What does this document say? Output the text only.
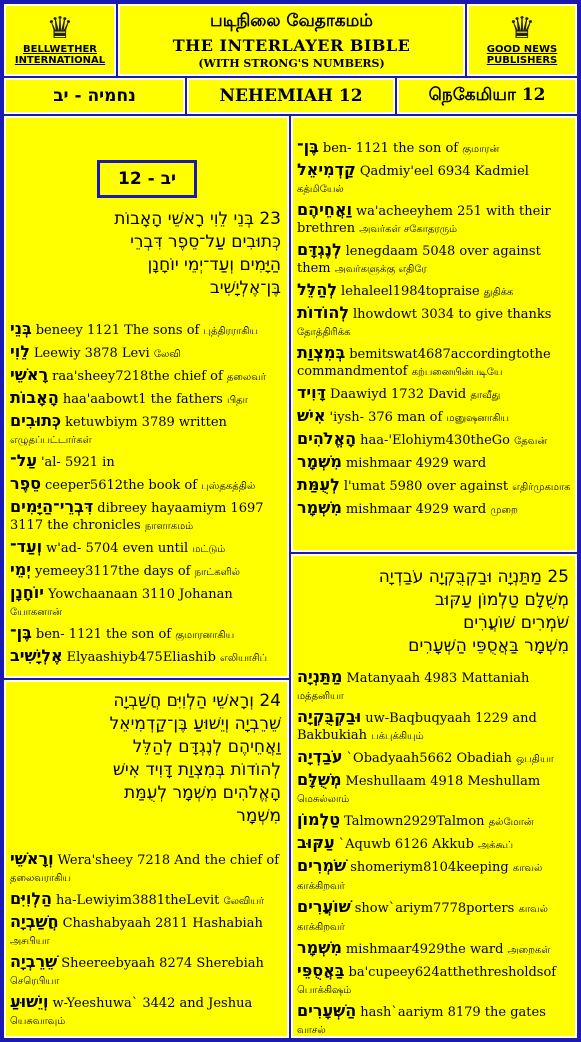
♛
BELLWETHER INTERNATIONAL
படிநிலை வேதாகமம்
THE INTERLAYER BIBLE
(WITH STRONG'S NUMBERS)
♛
GOOD NEWS PUBLISHERS
נחמיה - יב	NEHEMIAH 12	நெகேமியா 12
23 בְּנֵי לֵוִי רָאשֵׁי הָאָבוֹת
כְּתוּבִים עַל־סֵפֶר דִּבְרֵי
הַיָּמִים וְעַד־יְמֵי יוֹחָנָן
בֶּן־אֶלְיָשִׁיב
בְּנֵי beneey 1121 The sons of புத்திரராகிய
לֵוִי Leewiy 3878 Levi லேவி
רָאשֵׁי raa'sheey7218the chief of தலைவர்
הָאָבוֹת haa'aabowt1 the fathers பிதா
כְּתוּבִים ketuwbiym 3789 written எழுதப்பட்டார்கள்
עַל־ 'al- 5921 in
סֵפֶר ceeper5612the book of புஸ்தகத்தில்
דִּבְרֵי־הַיָּמִים dibreey hayaamiym 1697 3117 the chronicles நாளாகமம்
וְעַד־ w'ad- 5704 even until மட்டும்
יְמֵי yemeey3117the days of நாட்களில்
יוֹחָנָן Yowchaanaan 3110 Johanan யோகனான்
בֶּן־ ben- 1121 the son of குமாரனாகிய
אֶלְיָשִׁיב Elyaashiyb475Eliashib எலியாசிப்
יב - 12
24 וְרָאשֵׁי הַלְוִיִּם חֲשַׁבְיָה
שֵׁרֵבְיָה וְיֵשׁוּעַ בֶּן־קַדְמִיאֵל
וַאֲחֵיהֶם לְנֶגְדָּם לְהַלֵּל
לְהוֹדוֹת בְּמִצְוַת דָּוִיד אִישׁ
הָאֱלֹהִים מִשְׁמָר לְעֻמַּת
מִשְׁמָר
וְרָאשֵׁי Wera'sheey 7218 And the chief of தலைவராகிய
הַלְוִיִּם ha-Lewiyim3881theLevit லேவியர்
חֲשַׁבְיָה Chashabyaah 2811 Hashabiah அசபியா
שֵׁרֵבְיָה Sheereebyaah 8274 Sherebiah செரெபியா
וְיֵשׁוּעַ w-Yeeshuwa` 3442 and Jeshua யெசுவாவும்
בֶּן־ ben- 1121 the son of குமாரன்
קַדְמִיאֵל Qadmiy'eel 6934 Kadmiel கத்மியேல்
וַאֲחֵיהֶם wa'acheeyhem 251 with their brethren அவர்கள் சகோதரரும்
לְנֶגְדָּם lenegdaam 5048 over against them அவர்களுக்கு எதிரே
לְהַלֵּל lehaleel1984topraise துதிக்க
לְהוֹדוֹת lhowdowt 3034 to give thanks தோத்திரிக்க
בְּמִצְוַת bemitswat4687accordingtothe commandmentof கற்பனையின்படியே
דָּוִיד Daawiyd 1732 David தாவீது
אִישׁ 'iysh- 376 man of மனுஷனாகிய
הָאֱלֹהִים haa-'Elohiym430theGo தேவன்
מִשְׁמָר mishmaar 4929 ward
לְעֻמַּת l'umat 5980 over against எதிர்முகமாக
מִשְׁמָר mishmaar 4929 ward முறை
25 מַתַּנְיָה וּבַקְבֻּקְיָה עֹבַדְיָה
מְשֻׁלָּם טַלְמוֹן עַקּוּב
שֹׁמְרִים שׁוֹעֲרִים
מִשְׁמָר בַּאֲסֻפֵּי הַשְּׁעָרִים
מַתַּנְיָה Matanyaah 4983 Mattaniah மத்தனியா
וּבַקְבֻּקְיָה uw-Baqbuqyaah 1229 and Bakbukiah பக்புக்கியும்
עֹבַדְיָה `Obadyaah5662 Obadiah ஒபதியா
מְשֻׁלָּם Meshullaam 4918 Meshullam மெசுல்லாம்
טַלְמוֹן Talmown2929Talmon தல்மோன்
עַקּוּב `Aquwb 6126 Akkub அக்கூப்
שֹׁמְרִים shomeriym8104keeping காவல் காக்கிறவர்
שׁוֹעֲרִים show`ariym7778porters காவல் காக்கிறவர்
מִשְׁמָר mishmaar4929the ward அறைகள்
בַּאֲסֻפֵּי ba'cupeey624atthethresholdsof பொக்கிஷம்
הַשְּׁעָרִים hash`aariym 8179 the gates வாசல்
